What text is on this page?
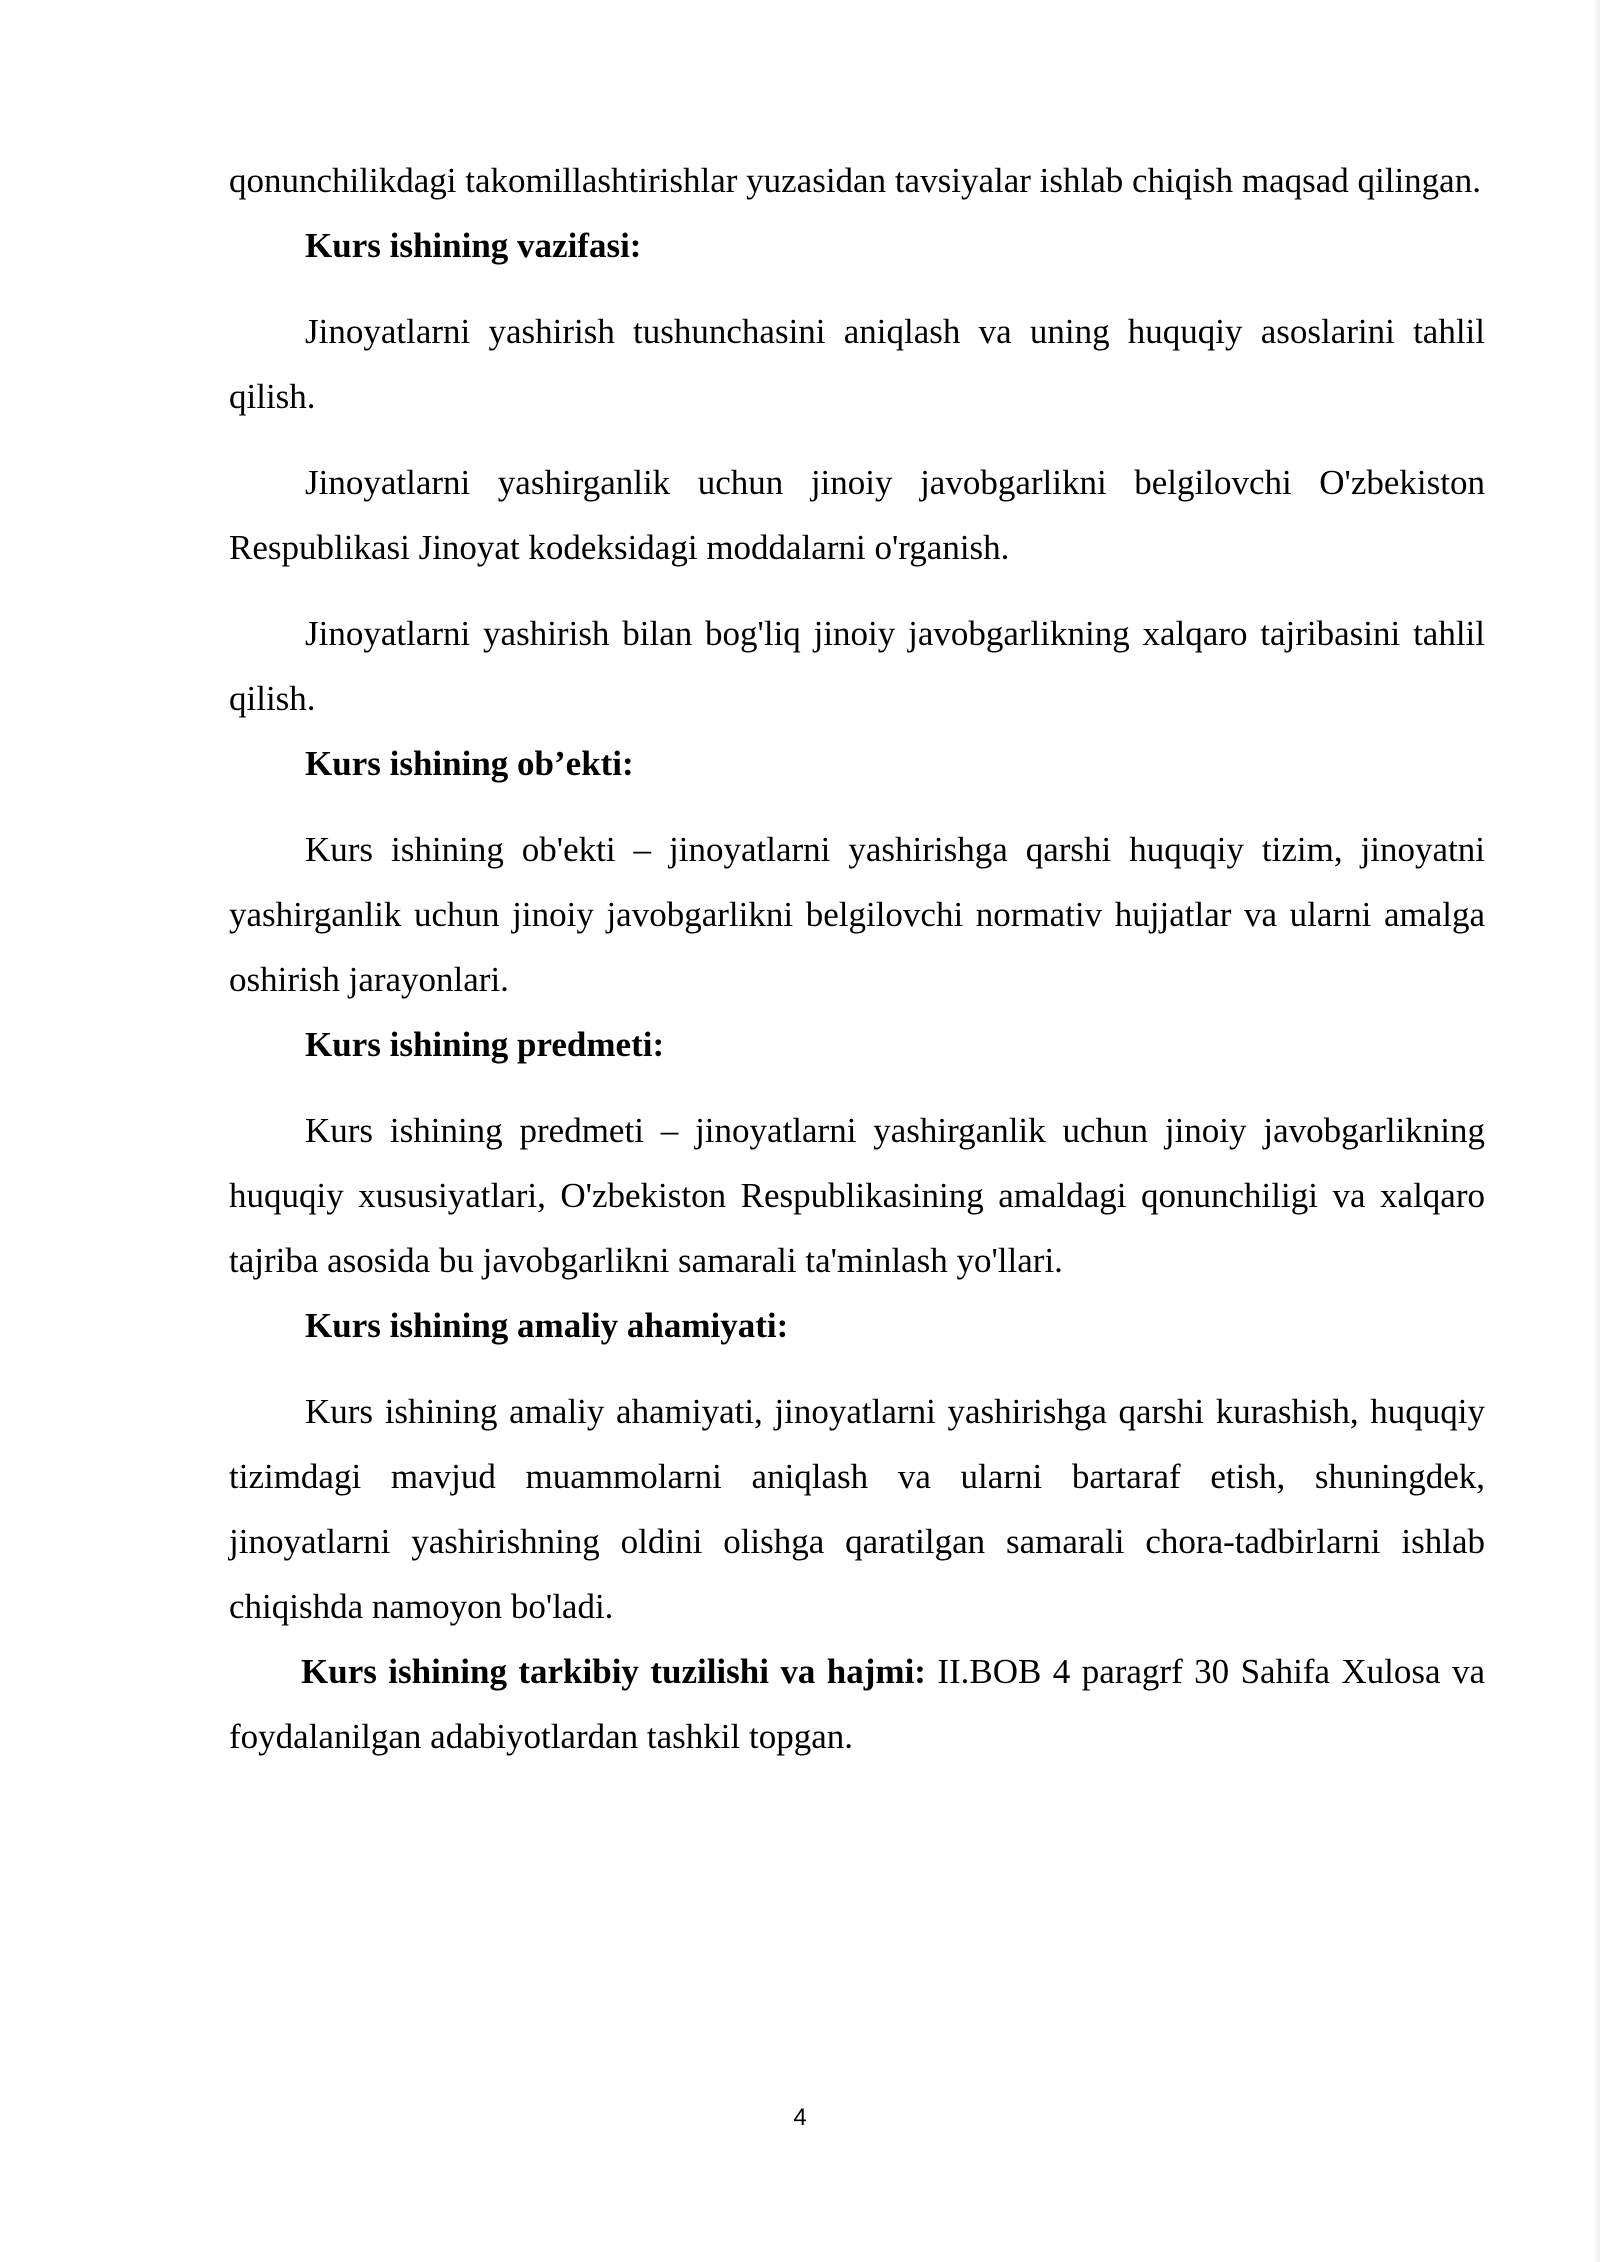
qonunchilikdagi takomillashtirishlar yuzasidan tavsiyalar ishlab chiqish maqsad qilingan.

Kurs ishining vazifasi:

Jinoyatlarni yashirish tushunchasini aniqlash va uning huquqiy asoslarini tahlil qilish.

Jinoyatlarni yashirganlik uchun jinoiy javobgarlikni belgilovchi O'zbekiston Respublikasi Jinoyat kodeksidagi moddalarni o'rganish.

Jinoyatlarni yashirish bilan bog'liq jinoiy javobgarlikning xalqaro tajribasini tahlil qilish.

Kurs ishining ob’ekti:

Kurs ishining ob'ekti – jinoyatlarni yashirishga qarshi huquqiy tizim, jinoyatni yashirganlik uchun jinoiy javobgarlikni belgilovchi normativ hujjatlar va ularni amalga oshirish jarayonlari.

Kurs ishining predmeti:

Kurs ishining predmeti – jinoyatlarni yashirganlik uchun jinoiy javobgarlikning huquqiy xususiyatlari, O'zbekiston Respublikasining amaldagi qonunchiligi va xalqaro tajriba asosida bu javobgarlikni samarali ta'minlash yo'llari.

Kurs ishining amaliy ahamiyati:

Kurs ishining amaliy ahamiyati, jinoyatlarni yashirishga qarshi kurashish, huquqiy tizimdagi mavjud muammolarni aniqlash va ularni bartaraf etish, shuningdek, jinoyatlarni yashirishning oldini olishga qaratilgan samarali chora-tadbirlarni ishlab chiqishda namoyon bo'ladi.

Kurs ishining tarkibiy tuzilishi va hajmi: II.BOB 4 paragrf 30 Sahifa Xulosa va foydalanilgan adabiyotlardan tashkil topgan.

4
